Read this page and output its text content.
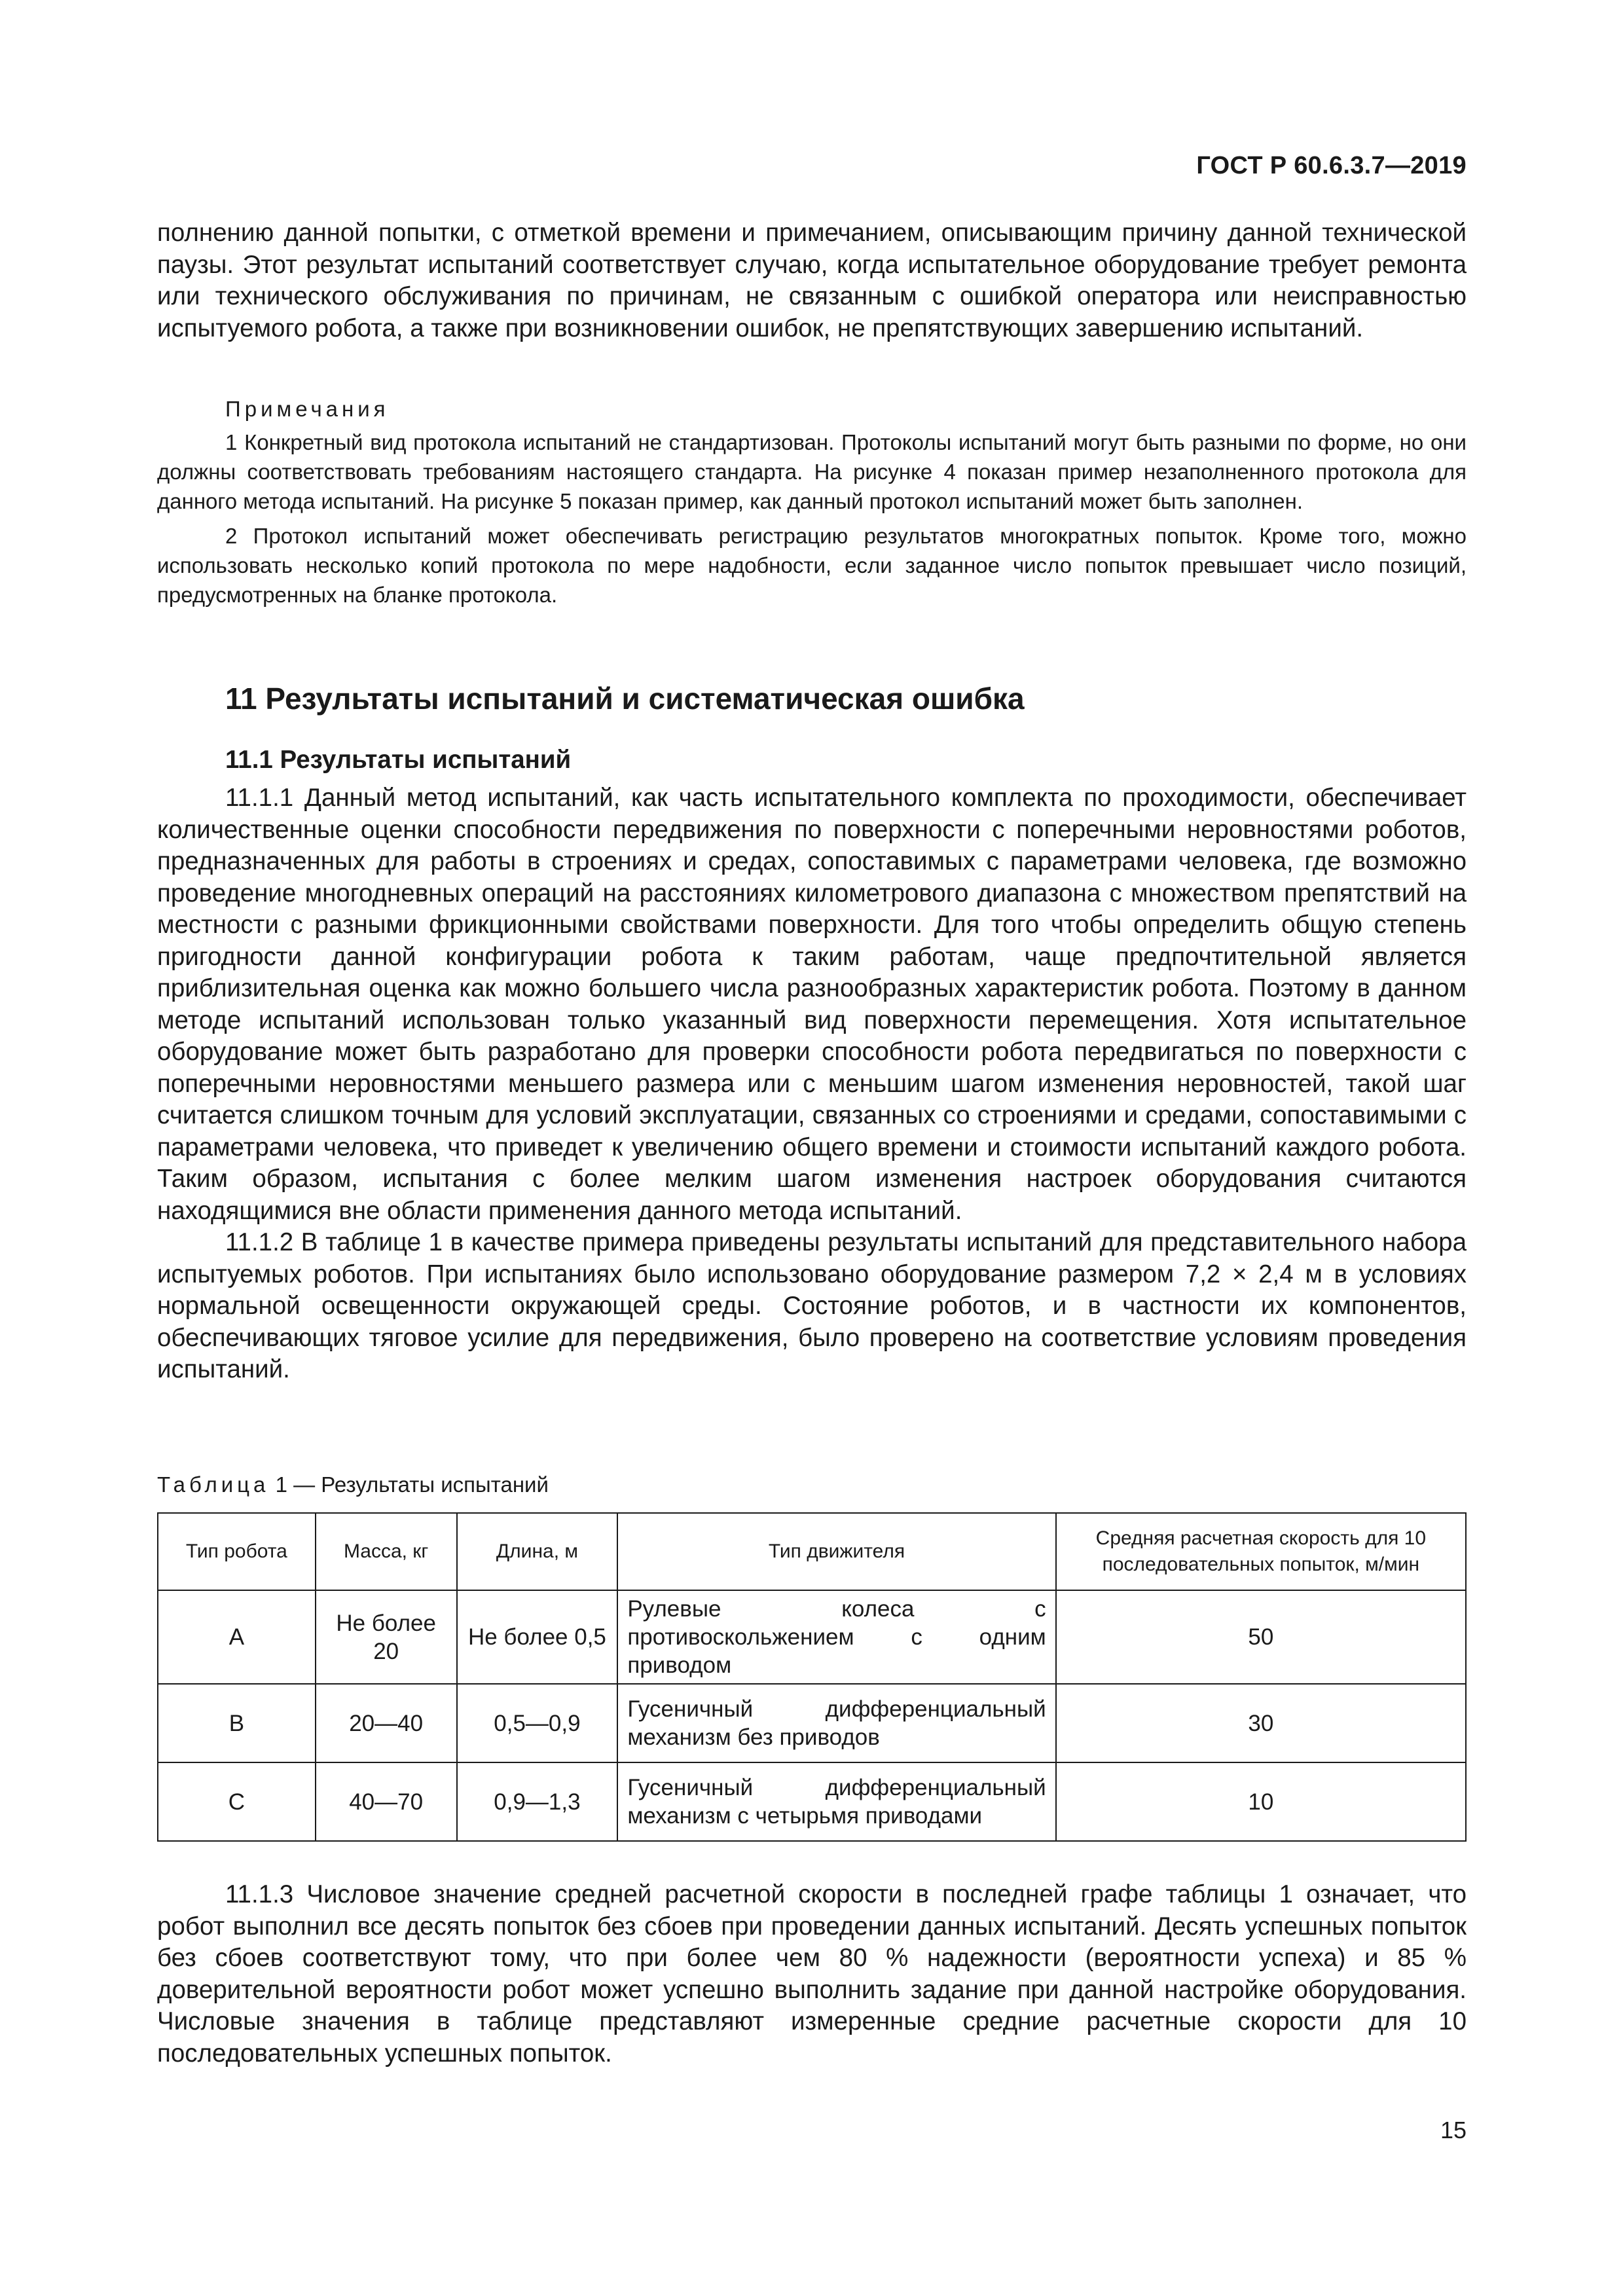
ГОСТ Р 60.6.3.7—2019

полнению данной попытки, с отметкой времени и примечанием, описывающим причину данной технической паузы. Этот результат испытаний соответствует случаю, когда испытательное оборудование требует ремонта или технического обслуживания по причинам, не связанным с ошибкой оператора или неисправностью испытуемого робота, а также при возникновении ошибок, не препятствующих завершению испытаний.

Примечания

1 Конкретный вид протокола испытаний не стандартизован. Протоколы испытаний могут быть разными по форме, но они должны соответствовать требованиям настоящего стандарта. На рисунке 4 показан пример незаполненного протокола для данного метода испытаний. На рисунке 5 показан пример, как данный протокол испытаний может быть заполнен.

2 Протокол испытаний может обеспечивать регистрацию результатов многократных попыток. Кроме того, можно использовать несколько копий протокола по мере надобности, если заданное число попыток превышает число позиций, предусмотренных на бланке протокола.

11 Результаты испытаний и систематическая ошибка
11.1 Результаты испытаний

11.1.1 Данный метод испытаний, как часть испытательного комплекта по проходимости, обеспечивает количественные оценки способности передвижения по поверхности с поперечными неровностями роботов, предназначенных для работы в строениях и средах, сопоставимых с параметрами человека, где возможно проведение многодневных операций на расстояниях километрового диапазона с множеством препятствий на местности с разными фрикционными свойствами поверхности. Для того чтобы определить общую степень пригодности данной конфигурации робота к таким работам, чаще предпочтительной является приблизительная оценка как можно большего числа разнообразных характеристик робота. Поэтому в данном методе испытаний использован только указанный вид поверхности перемещения. Хотя испытательное оборудование может быть разработано для проверки способности робота передвигаться по поверхности с поперечными неровностями меньшего размера или с меньшим шагом изменения неровностей, такой шаг считается слишком точным для условий эксплуатации, связанных со строениями и средами, сопоставимыми с параметрами человека, что приведет к увеличению общего времени и стоимости испытаний каждого робота. Таким образом, испытания с более мелким шагом изменения настроек оборудования считаются находящимися вне области применения данного метода испытаний.

11.1.2 В таблице 1 в качестве примера приведены результаты испытаний для представительного набора испытуемых роботов. При испытаниях было использовано оборудование размером 7,2 × 2,4 м в условиях нормальной освещенности окружающей среды. Состояние роботов, и в частности их компонентов, обеспечивающих тяговое усилие для передвижения, было проверено на соответствие условиям проведения испытаний.

Таблица 1 — Результаты испытаний
Тип робота	Масса, кг	Длина, м	Тип движителя	Средняя расчетная скорость для 10 последовательных попыток, м/мин
A	Не более 20	Не более 0,5	Рулевые колеса с противоскольжением с одним приводом	50
B	20—40	0,5—0,9	Гусеничный дифференциальный механизм без приводов	30
C	40—70	0,9—1,3	Гусеничный дифференциальный механизм с четырьмя приводами	10

11.1.3 Числовое значение средней расчетной скорости в последней графе таблицы 1 означает, что робот выполнил все десять попыток без сбоев при проведении данных испытаний. Десять успешных попыток без сбоев соответствуют тому, что при более чем 80 % надежности (вероятности успеха) и 85 % доверительной вероятности робот может успешно выполнить задание при данной настройке оборудования. Числовые значения в таблице представляют измеренные средние расчетные скорости для 10 последовательных успешных попыток.

15
